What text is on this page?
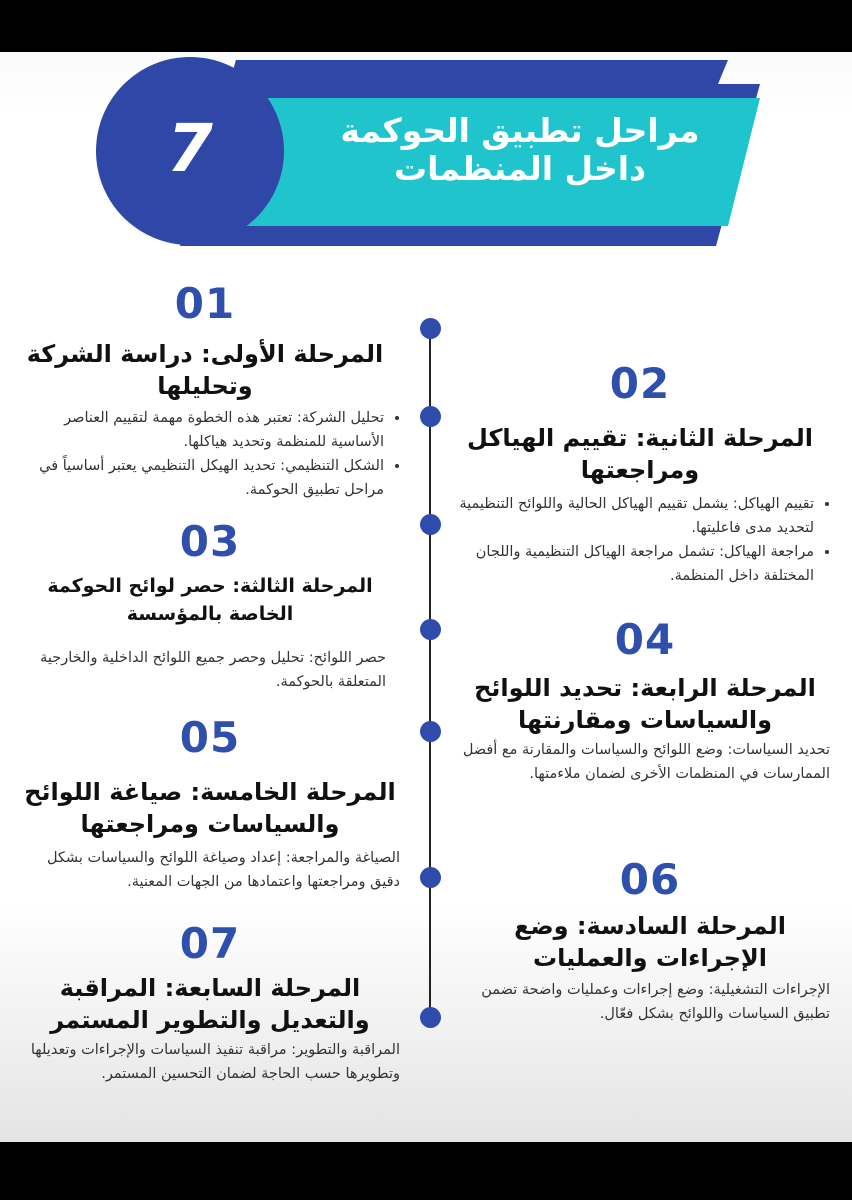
7	مراحل تطبيق الحوكمة
داخل المنظمات
01
المرحلة الأولى: دراسة الشركة وتحليلها
• تحليل الشركة: تعتبر هذه الخطوة مهمة لتقييم العناصر الأساسية للمنظمة وتحديد هياكلها.
• الشكل التنظيمي: تحديد الهيكل التنظيمي يعتبر أساسياً في مراحل تطبيق الحوكمة.
02
المرحلة الثانية: تقييم الهياكل ومراجعتها
• تقييم الهياكل: يشمل تقييم الهياكل الحالية واللوائح التنظيمية لتحديد مدى فاعليتها.
• مراجعة الهياكل: تشمل مراجعة الهياكل التنظيمية واللجان المختلفة داخل المنظمة.
03
المرحلة الثالثة: حصر لوائح الحوكمة الخاصة بالمؤسسة

حصر اللوائح: تحليل وحصر جميع اللوائح الداخلية والخارجية المتعلقة بالحوكمة.

04
المرحلة الرابعة: تحديد اللوائح والسياسات ومقارنتها

تحديد السياسات: وضع اللوائح والسياسات والمقارنة مع أفضل الممارسات في المنظمات الأخرى لضمان ملاءمتها.

05
المرحلة الخامسة: صياغة اللوائح والسياسات ومراجعتها

الصياغة والمراجعة: إعداد وصياغة اللوائح والسياسات بشكل دقيق ومراجعتها واعتمادها من الجهات المعنية.	06
المرحلة السادسة: وضع الإجراءات والعمليات

الإجراءات التشغيلية: وضع إجراءات وعمليات واضحة تضمن تطبيق السياسات واللوائح بشكل فعّال.

07
المرحلة السابعة: المراقبة والتعديل والتطوير المستمر

المراقبة والتطوير: مراقبة تنفيذ السياسات والإجراءات وتعديلها وتطويرها حسب الحاجة لضمان التحسين المستمر.
